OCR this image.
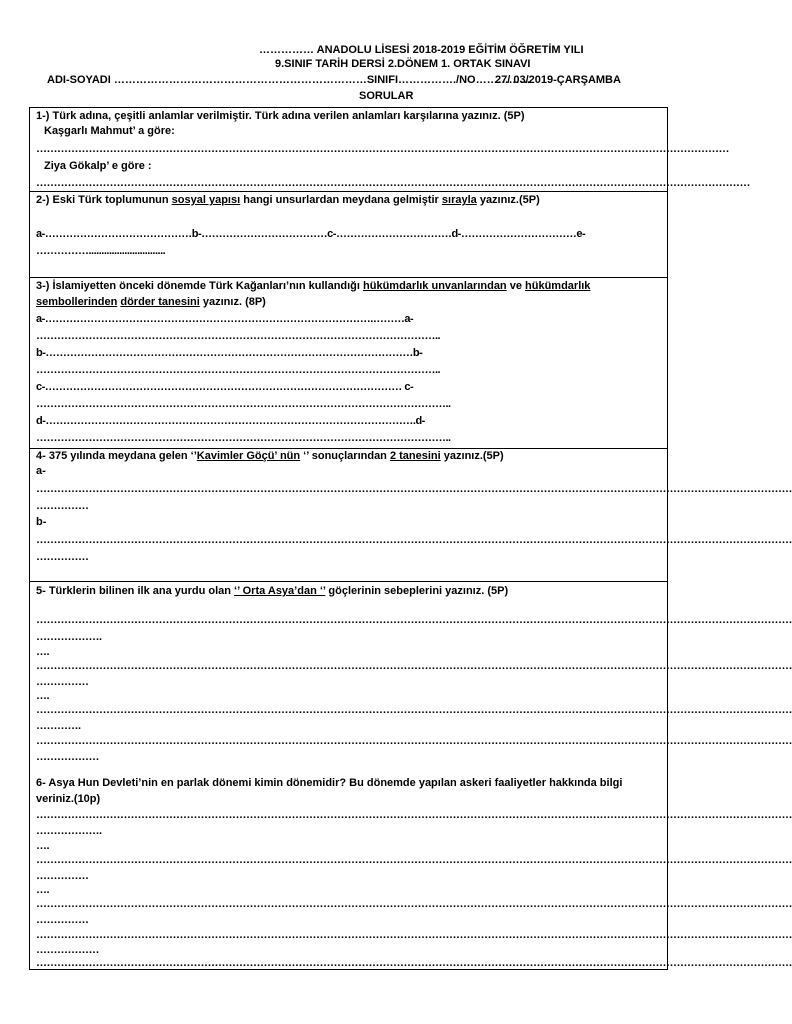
…………… ANADOLU LİSESİ 2018-2019 EĞİTİM ÖĞRETİM YILI
9.SINIF TARİH DERSİ 2.DÖNEM 1. ORTAK SINAVI
ADI-SOYADI ……………………………………………………………SINIFI……………./NO……………
27/ 03/2019-ÇARŞAMBA
SORULAR
1-) Türk adına, çeşitli anlamlar verilmiştir. Türk adına verilen anlamları karşılarına yazınız. (5P)
Kaşgarlı Mahmut’ a göre:
………………………………………………………………………………………………………………………………………………………………………………
Ziya Gökalp’ e göre :
……………………………………………………………………………………………………………………………………………………………………………………
2-) Eski Türk toplumunun sosyal yapısı hangi unsurlardan meydana gelmiştir sırayla yazınız.(5P)
a-……………………………………b-………………………………c-……………………………d-……………………………e-
……………..............................
3-) İslamiyetten önceki dönemde Türk Kağanları’nın kullandığı hükümdarlık unvanlarından ve hükümdarlık
sembollerinden dörder tanesini yazınız. (8P)
a-………………………………………………………………………………….………a-
……………………………………………………………………………………………………..
b-……………………………………………………………………………………………b-
……………………………………………………………………………………………………..
c-………………………………………………………………………………………… c-
………………………………………………………………………………………………………..
d-…………………………………………………………………………………………….d-
………………………………………………………………………………………………………..
4- 375 yılında meydana gelen ‘’Kavimler Göçü’ nün ‘’ sonuçlarından 2 tanesini yazınız.(5P)
a-
………………………………………………………………………………………………………………………………………………………………………………………………
……………
b-
………………………………………………………………………………………………………………………………………………………………………………………………
……………
5- Türklerin bilinen ilk ana yurdu olan ‘’ Orta Asya’dan ‘’ göçlerinin sebeplerini yazınız. (5P)
………………………………………………………………………………………………………………………………………………………………………………………………
……………….
….
………………………………………………………………………………………………………………………………………………………………………………………………
……………
….
………………………………………………………………………………………………………………………………………………………………………………………………
………….
………………………………………………………………………………………………………………………………………………………………………………………………
………………
6- Asya Hun Devleti’nin en parlak dönemi kimin dönemidir? Bu dönemde yapılan askeri faaliyetler hakkında bilgi
veriniz.(10p)
………………………………………………………………………………………………………………………………………………………………………………………………
……………….
….
………………………………………………………………………………………………………………………………………………………………………………………………
……………
….
………………………………………………………………………………………………………………………………………………………………………………………………
……………
………………………………………………………………………………………………………………………………………………………………………………………………
………………
………………………………………………………………………………………………………………………………………………………………………………………………
